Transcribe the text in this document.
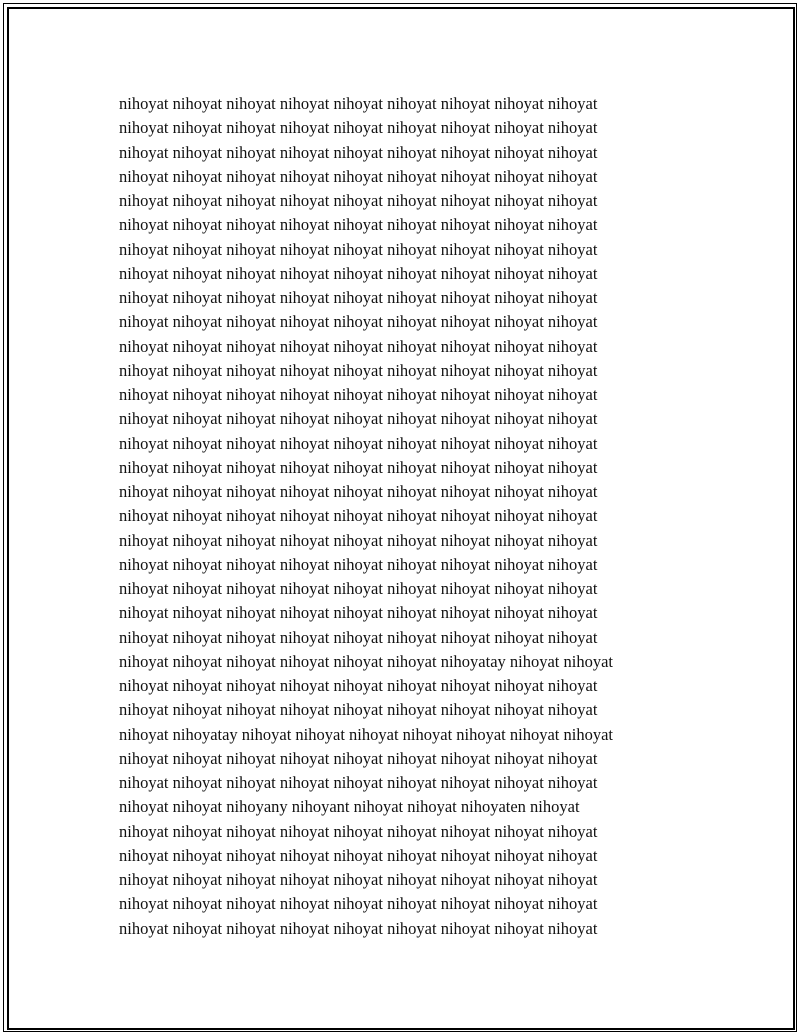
nihoyat nihoyat nihoyat nihoyat nihoyat nihoyat nihoyat nihoyat nihoyat
nihoyat nihoyat nihoyat nihoyat nihoyat nihoyat nihoyat nihoyat nihoyat
nihoyat nihoyat nihoyat nihoyat nihoyat nihoyat nihoyat nihoyat nihoyat
nihoyat nihoyat nihoyat nihoyat nihoyat nihoyat nihoyat nihoyat nihoyat
nihoyat nihoyat nihoyat nihoyat nihoyat nihoyat nihoyat nihoyat nihoyat
nihoyat nihoyat nihoyat nihoyat nihoyat nihoyat nihoyat nihoyat nihoyat
nihoyat nihoyat nihoyat nihoyat nihoyat nihoyat nihoyat nihoyat nihoyat
nihoyat nihoyat nihoyat nihoyat nihoyat nihoyat nihoyat nihoyat nihoyat
nihoyat nihoyat nihoyat nihoyat nihoyat nihoyat nihoyat nihoyat nihoyat
nihoyat nihoyat nihoyat nihoyat nihoyat nihoyat nihoyat nihoyat nihoyat
nihoyat nihoyat nihoyat nihoyat nihoyat nihoyat nihoyat nihoyat nihoyat
nihoyat nihoyat nihoyat nihoyat nihoyat nihoyat nihoyat nihoyat nihoyat
nihoyat nihoyat nihoyat nihoyat nihoyat nihoyat nihoyat nihoyat nihoyat
nihoyat nihoyat nihoyat nihoyat nihoyat nihoyat nihoyat nihoyat nihoyat
nihoyat nihoyat nihoyat nihoyat nihoyat nihoyat nihoyat nihoyat nihoyat
nihoyat nihoyat nihoyat nihoyat nihoyat nihoyat nihoyat nihoyat nihoyat
nihoyat nihoyat nihoyat nihoyat nihoyat nihoyat nihoyat nihoyat nihoyat
nihoyat nihoyat nihoyat nihoyat nihoyat nihoyat nihoyat nihoyat nihoyat
nihoyat nihoyat nihoyat nihoyat nihoyat nihoyat nihoyat nihoyat nihoyat
nihoyat nihoyat nihoyat nihoyat nihoyat nihoyat nihoyat nihoyat nihoyat
nihoyat nihoyat nihoyat nihoyat nihoyat nihoyat nihoyat nihoyat nihoyat
nihoyat nihoyat nihoyat nihoyat nihoyat nihoyat nihoyat nihoyat nihoyat
nihoyat nihoyat nihoyat nihoyat nihoyat nihoyat nihoyat nihoyat nihoyat
nihoyat nihoyat nihoyat nihoyat nihoyat nihoyat nihoyatay nihoyat nihoyat
nihoyat nihoyat nihoyat nihoyat nihoyat nihoyat nihoyat nihoyat nihoyat
nihoyat nihoyat nihoyat nihoyat nihoyat nihoyat nihoyat nihoyat nihoyat
nihoyat nihoyatay nihoyat nihoyat nihoyat nihoyat nihoyat nihoyat nihoyat
nihoyat nihoyat nihoyat nihoyat nihoyat nihoyat nihoyat nihoyat nihoyat
nihoyat nihoyat nihoyat nihoyat nihoyat nihoyat nihoyat nihoyat nihoyat
nihoyat nihoyat nihoyany nihoyant nihoyat nihoyat nihoyaten nihoyat
nihoyat nihoyat nihoyat nihoyat nihoyat nihoyat nihoyat nihoyat nihoyat
nihoyat nihoyat nihoyat nihoyat nihoyat nihoyat nihoyat nihoyat nihoyat
nihoyat nihoyat nihoyat nihoyat nihoyat nihoyat nihoyat nihoyat nihoyat
nihoyat nihoyat nihoyat nihoyat nihoyat nihoyat nihoyat nihoyat nihoyat
nihoyat nihoyat nihoyat nihoyat nihoyat nihoyat nihoyat nihoyat nihoyat
